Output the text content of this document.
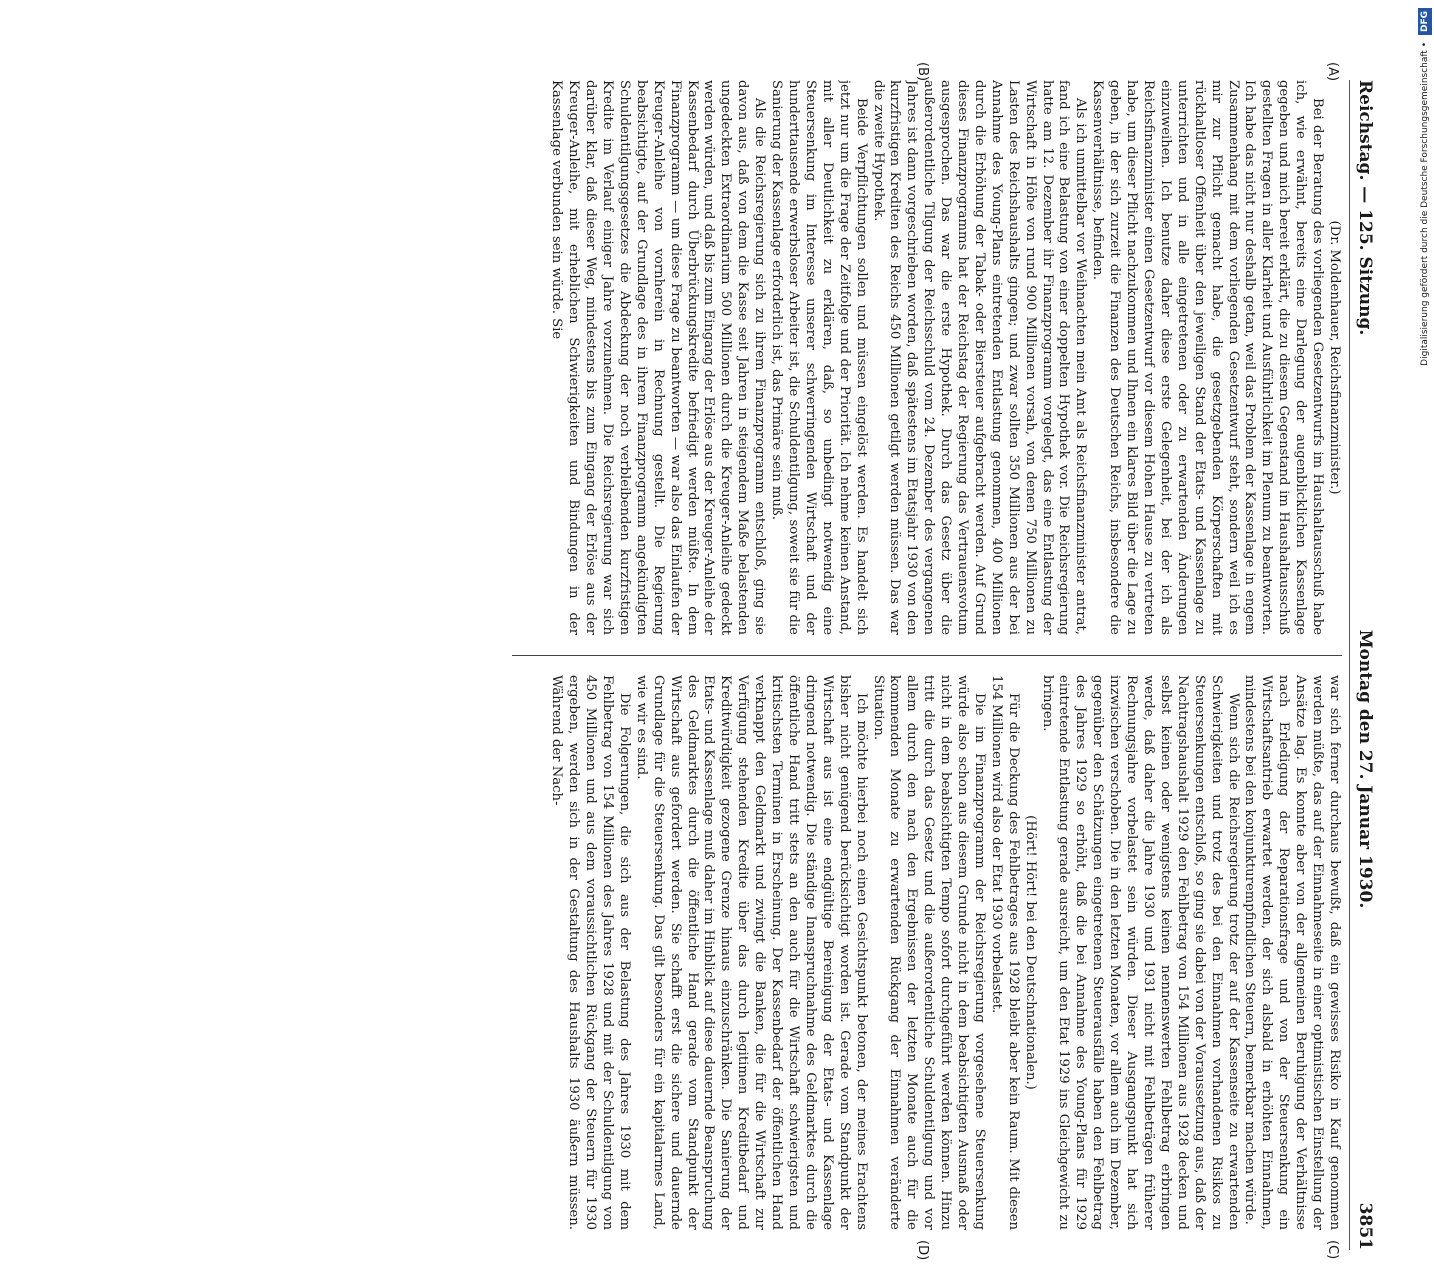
Reichstag. — 125. Sitzung.
Montag den 27. Januar 1930.
3851

(Dr. Moldenhauer, Reichsfinanzminister.)

Bei der Beratung des vorliegenden Gesetzentwurfs im Haushaltausschuß habe ich, wie erwähnt, bereits eine Darlegung der augenblicklichen Kassenlage gegeben und mich bereit erklärt, die zu diesem Gegenstand im Haushaltausschuß gestellten Fragen in aller Klarheit und Ausführlichkeit im Plenum zu beantworten. Ich habe das nicht nur deshalb getan, weil das Problem der Kassenlage in engem Zusammenhang mit dem vorliegenden Gesetzentwurf steht, sondern weil ich es mir zur Pflicht gemacht habe, die gesetzgebenden Körperschaften mit rückhaltloser Offenheit über den jeweiligen Stand der Etats- und Kassenlage zu unterrichten und in alle eingetretenen oder zu erwartenden Änderungen einzuweihen. Ich benutze daher diese erste Gelegenheit, bei der ich als Reichsfinanzminister einen Gesetzentwurf vor diesem Hohen Hause zu vertreten habe, um dieser Pflicht nachzukommen und Ihnen ein klares Bild über die Lage zu geben, in der sich zurzeit die Finanzen des Deutschen Reichs, insbesondere die Kassenverhältnisse, befinden.

Als ich unmittelbar vor Weihnachten mein Amt als Reichsfinanzminister antrat, fand ich eine Belastung von einer doppelten Hypothek vor. Die Reichsregierung hatte am 12. Dezember ihr Finanzprogramm vorgelegt, das eine Entlastung der Wirtschaft in Höhe von rund 900 Millionen vorsah, von denen 750 Millionen zu Lasten des Reichshaushalts gingen; und zwar sollten 350 Millionen aus der bei Annahme des Young-Plans eintretenden Entlastung genommen, 400 Millionen durch die Erhöhung der Tabak- oder Biersteuer aufgebracht werden. Auf Grund dieses Finanzprogramms hat der Reichstag der Regierung das Vertrauensvotum ausgesprochen. Das war die erste Hypothek. Durch das Gesetz über die außerordentliche Tilgung der Reichsschuld vom 24. Dezember des vergangenen Jahres ist dann vorgeschrieben worden, daß spätestens im Etatsjahr 1930 von den kurzfristigen Krediten des Reichs 450 Millionen getilgt werden müssen. Das war die zweite Hypothek.

Beide Verpflichtungen sollen und müssen eingelöst werden. Es handelt sich jetzt nur um die Frage der Zeitfolge und der Priorität. Ich nehme keinen Anstand, mit aller Deutlichkeit zu erklären, daß, so unbedingt notwendig eine Steuersenkung im Interesse unserer schwerringenden Wirtschaft und der hunderttausende erwerbsloser Arbeiter ist, die Schuldentilgung, soweit sie für die Sanierung der Kassenlage erforderlich ist, das Primäre sein muß.

Als die Reichsregierung sich zu ihrem Finanzprogramm entschloß, ging sie davon aus, daß von dem die Kasse seit Jahren in steigendem Maße belastenden ungedeckten Extraordinarium 500 Millionen durch die Kreuger-Anleihe gedeckt werden würden, und daß bis zum Eingang der Erlöse aus der Kreuger-Anleihe der Kassenbedarf durch Überbrückungskredite befriedigt werden müßte. In dem Finanzprogramm — um diese Frage zu beantworten — war also das Einlaufen der Kreuger-Anleihe von vornherein in Rechnung gestellt. Die Regierung beabsichtigte, auf der Grundlage des in ihrem Finanzprogramm angekündigten Schuldentilgungsgesetzes die Abdeckung der noch verbleibenden kurzfristigen Kredite im Verlauf einiger Jahre vorzunehmen. Die Reichsregierung war sich darüber klar, daß dieser Weg, mindestens bis zum Eingang der Erlöse aus der Kreuger-Anleihe, mit erheblichen Schwierigkeiten und Bindungen in der Kassenlage verbunden sein würde. Sie

war sich ferner durchaus bewußt, daß ein gewisses Risiko in Kauf genommen werden müßte, das auf der Einnahmeseite in einer optimistischen Einstellung der Ansätze lag. Es konnte aber von der allgemeinen Beruhigung der Verhältnisse nach Erledigung der Reparationsfrage und von der Steuersenkung ein Wirtschaftsantrieb erwartet werden, der sich alsbald in erhöhten Einnahmen, mindestens bei den konjunkturempfindlichen Steuern, bemerkbar machen würde.

Wenn sich die Reichsregierung trotz der auf der Kassenseite zu erwartenden Schwierigkeiten und trotz des bei den Einnahmen vorhandenen Risikos zu Steuersenkungen entschloß, so ging sie dabei von der Voraussetzung aus, daß der Nachtragshaushalt 1929 den Fehlbetrag von 154 Millionen aus 1928 decken und selbst keinen oder wenigstens keinen nennenswerten Fehlbetrag erbringen werde, daß daher die Jahre 1930 und 1931 nicht mit Fehlbeträgen früherer Rechnungsjahre vorbelastet sein würden. Dieser Ausgangspunkt hat sich inzwischen verschoben. Die in den letzten Monaten, vor allem auch im Dezember, gegenüber den Schätzungen eingetretenen Steuerausfälle haben den Fehlbetrag des Jahres 1929 so erhöht, daß die bei Annahme des Young-Plans für 1929 eintretende Entlastung gerade ausreicht, um den Etat 1929 ins Gleichgewicht zu bringen.

(Hört! Hört! bei den Deutschnationalen.)

Für die Deckung des Fehlbetrages aus 1928 bleibt aber kein Raum. Mit diesen 154 Millionen wird also der Etat 1930 vorbelastet.

Die im Finanzprogramm der Reichsregierung vorgesehene Steuersenkung würde also schon aus diesem Grunde nicht in dem beabsichtigten Ausmaß oder nicht in dem beabsichtigten Tempo sofort durchgeführt werden können. Hinzu tritt die durch das Gesetz und die außerordentliche Schuldentilgung und vor allem durch den nach den Ergebnissen der letzten Monate auch für die kommenden Monate zu erwartenden Rückgang der Einnahmen veränderte Situation.

Ich möchte hierbei noch einen Gesichtspunkt betonen, der meines Erachtens bisher nicht genügend berücksichtigt worden ist. Gerade vom Standpunkt der Wirtschaft aus ist eine endgültige Bereinigung der Etats- und Kassenlage dringend notwendig. Die ständige Inanspruchnahme des Geldmarktes durch die öffentliche Hand tritt stets an den auch für die Wirtschaft schwierigsten und kritischsten Terminen in Erscheinung. Der Kassenbedarf der öffentlichen Hand verknappt den Geldmarkt und zwingt die Banken, die für die Wirtschaft zur Verfügung stehenden Kredite über das durch legitimen Kreditbedarf und Kreditwürdigkeit gezogene Grenze hinaus einzuschränken. Die Sanierung der Etats- und Kassenlage muß daher im Hinblick auf diese dauernde Beanspruchung des Geldmarktes durch die öffentliche Hand gerade vom Standpunkt der Wirtschaft aus gefordert werden. Sie schafft erst die sichere und dauernde Grundlage für die Steuersenkung. Das gilt besonders für ein kapitalarmes Land, wie wir es sind.

Die Folgerungen, die sich aus der Belastung des Jahres 1930 mit dem Fehlbetrag von 154 Millionen des Jahres 1928 und mit der Schuldentilgung von 450 Millionen und aus dem voraussichtlichen Rückgang der Steuern für 1930 ergeben, werden sich in der Gestaltung des Haushalts 1930 äußern müssen. Während der Nach-

(A)
(B)
(C)
(D)
Digitalisierung gefördert durch die Deutsche Forschungsgemeinschaft • DFG
